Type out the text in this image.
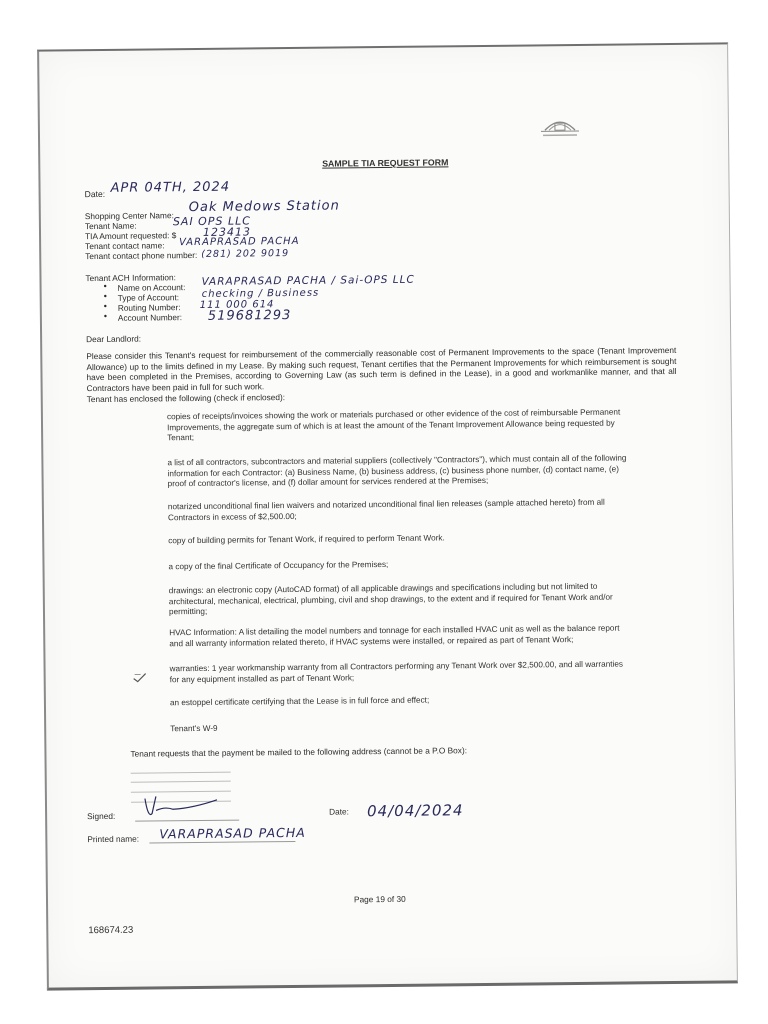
SAMPLE TIA REQUEST FORM
Date: APR 04TH, 2024
Shopping Center Name:
Oak Medows Station
Tenant Name:	SAI OPS LLC
TIA Amount requested: $ 123413
Tenant contact name: VARAPRASAD PACHA
Tenant contact phone number: (281) 202 9019
Tenant ACH Information:
• Name on Account: VARAPRASAD PACHA / Sai-OPS LLC
• Type of Account: checking / Business
• Routing Number: 111 000 614
• Account Number: 519681293
Dear Landlord:
Please consider this Tenant's request for reimbursement of the commercially reasonable cost of Permanent Improvements to the space (Tenant Improvement Allowance) up to the limits defined in my Lease. By making such request, Tenant certifies that the Permanent Improvements for which reimbursement is sought have been completed in the Premises, according to Governing Law (as such term is defined in the Lease), in a good and workmanlike manner, and that all Contractors have been paid in full for such work.
Tenant has enclosed the following (check if enclosed):
copies of receipts/invoices showing the work or materials purchased or other evidence of the cost of reimbursable Permanent Improvements, the aggregate sum of which is at least the amount of the Tenant Improvement Allowance being requested by Tenant;
a list of all contractors, subcontractors and material suppliers (collectively "Contractors"), which must contain all of the following information for each Contractor: (a) Business Name, (b) business address, (c) business phone number, (d) contact name, (e) proof of contractor's license, and (f) dollar amount for services rendered at the Premises;
notarized unconditional final lien waivers and notarized unconditional final lien releases (sample attached hereto) from all Contractors in excess of $2,500.00;
copy of building permits for Tenant Work, if required to perform Tenant Work.
a copy of the final Certificate of Occupancy for the Premises;
drawings: an electronic copy (AutoCAD format) of all applicable drawings and specifications including but not limited to architectural, mechanical, electrical, plumbing, civil and shop drawings, to the extent and if required for Tenant Work and/or permitting;
HVAC Information: A list detailing the model numbers and tonnage for each installed HVAC unit as well as the balance report and all warranty information related thereto, if HVAC systems were installed, or repaired as part of Tenant Work;
warranties: 1 year workmanship warranty from all Contractors performing any Tenant Work over $2,500.00, and all warranties for any equipment installed as part of Tenant Work;
an estoppel certificate certifying that the Lease is in full force and effect;
Tenant's W-9
Tenant requests that the payment be mailed to the following address (cannot be a P.O Box):
Signed:	Date: 04/04/2024
Printed name: VARAPRASAD PACHA
Page 19 of 30
168674.23
